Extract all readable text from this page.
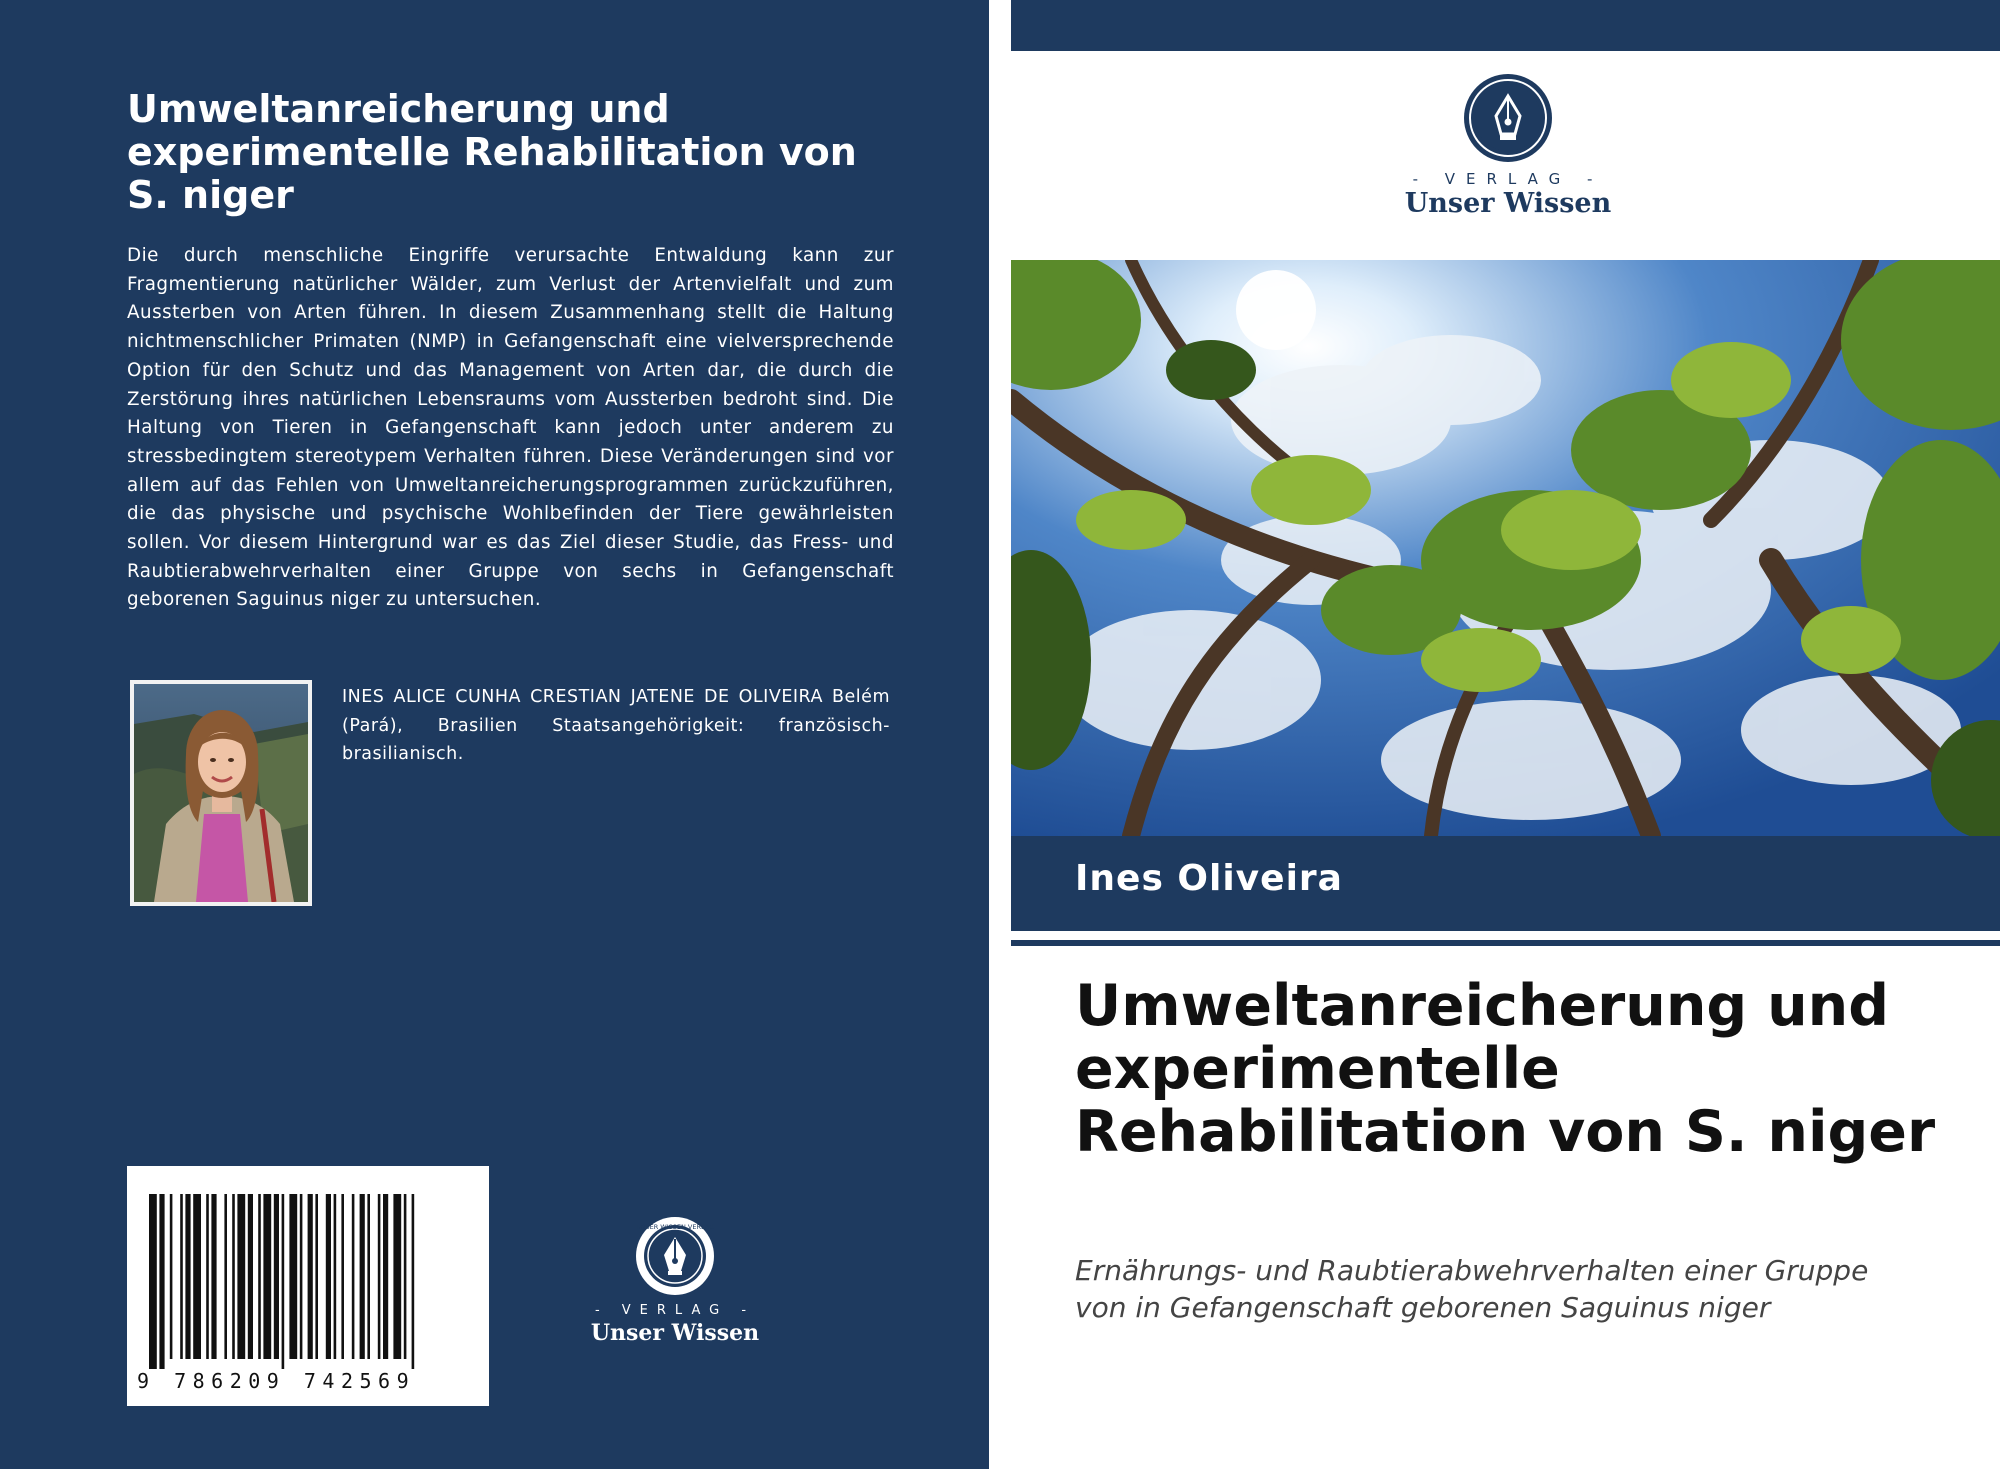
Umweltanreicherung und experimentelle Rehabilitation von S. niger

Die durch menschliche Eingriffe verursachte Entwaldung kann zur Fragmentierung natürlicher Wälder, zum Verlust der Artenvielfalt und zum Aussterben von Arten führen. In diesem Zusammenhang stellt die Haltung nichtmenschlicher Primaten (NMP) in Gefangenschaft eine vielversprechende Option für den Schutz und das Management von Arten dar, die durch die Zerstörung ihres natürlichen Lebensraums vom Aussterben bedroht sind. Die Haltung von Tieren in Gefangenschaft kann jedoch unter anderem zu stressbedingtem stereotypem Verhalten führen. Diese Veränderungen sind vor allem auf das Fehlen von Umweltanreicherungsprogrammen zurückzuführen, die das physische und psychische Wohlbefinden der Tiere gewährleisten sollen. Vor diesem Hintergrund war es das Ziel dieser Studie, das Fress- und Raubtierabwehrverhalten einer Gruppe von sechs in Gefangenschaft geborenen Saguinus niger zu untersuchen.

INES ALICE CUNHA CRESTIAN JATENE DE OLIVEIRA Belém (Pará), Brasilien Staatsangehörigkeit: französisch-brasilianisch.

9 786209 742569
UNSER WISSEN VERLAG
- VERLAG -
Unser Wissen
- VERLAG -
Unser Wissen
Ines Oliveira
Umweltanreicherung und experimentelle Rehabilitation von S. niger

Ernährungs- und Raubtierabwehrverhalten einer Gruppe von in Gefangenschaft geborenen Saguinus niger
